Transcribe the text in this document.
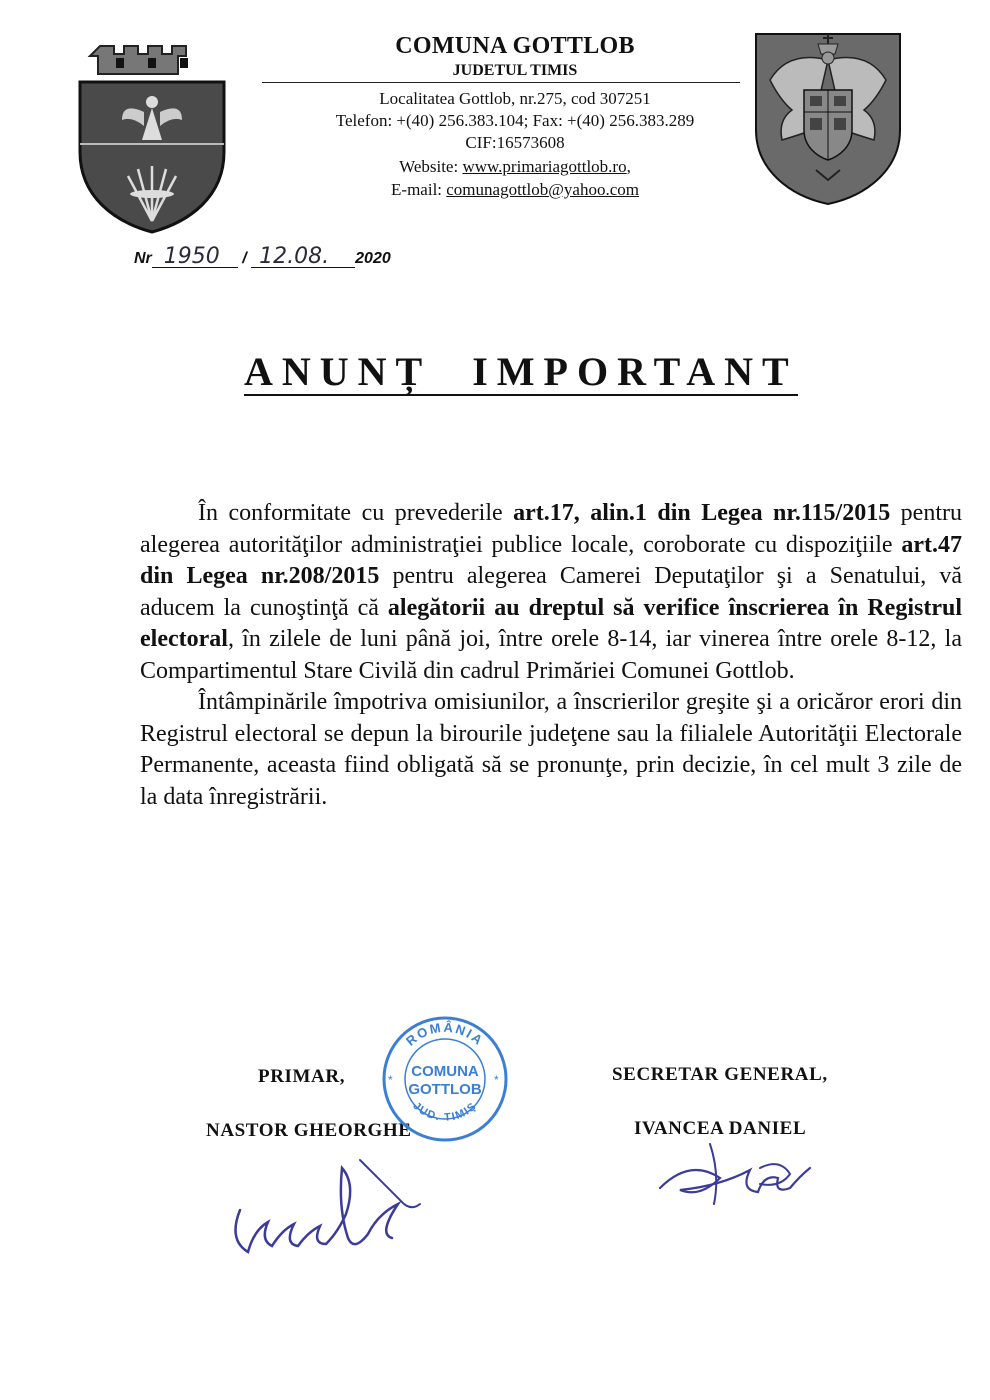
COMUNA GOTTLOB
JUDETUL TIMIS
Localitatea Gottlob, nr.275, cod 307251
Telefon: +(40) 256.383.104; Fax: +(40) 256.383.289
CIF:16573608
Website: www.primariagottlob.ro,
E-mail: comunagottlob@yahoo.com
Nr 1950 / 12.08. 2020
ANUNȚ IMPORTANT

În conformitate cu prevederile art.17, alin.1 din Legea nr.115/2015 pentru alegerea autorităţilor administraţiei publice locale, coroborate cu dispoziţiile art.47 din Legea nr.208/2015 pentru alegerea Camerei Deputaţilor şi a Senatului, vă aducem la cunoştinţă că alegătorii au dreptul să verifice înscrierea în Registrul electoral, în zilele de luni până joi, între orele 8-14, iar vinerea între orele 8-12, la Compartimentul Stare Civilă din cadrul Primăriei Comunei Gottlob.

Întâmpinările împotriva omisiunilor, a înscrierilor greşite şi a oricăror erori din Registrul electoral se depun la birourile judeţene sau la filialele Autorităţii Electorale Permanente, aceasta fiind obligată să se pronunţe, prin decizie, în cel mult 3 zile de la data înregistrării.

PRIMAR,
NASTOR GHEORGHE
SECRETAR GENERAL,
IVANCEA DANIEL
ROMÂNIA
JUD. TIMIŞ
COMUNA
GOTTLOB
*	*
